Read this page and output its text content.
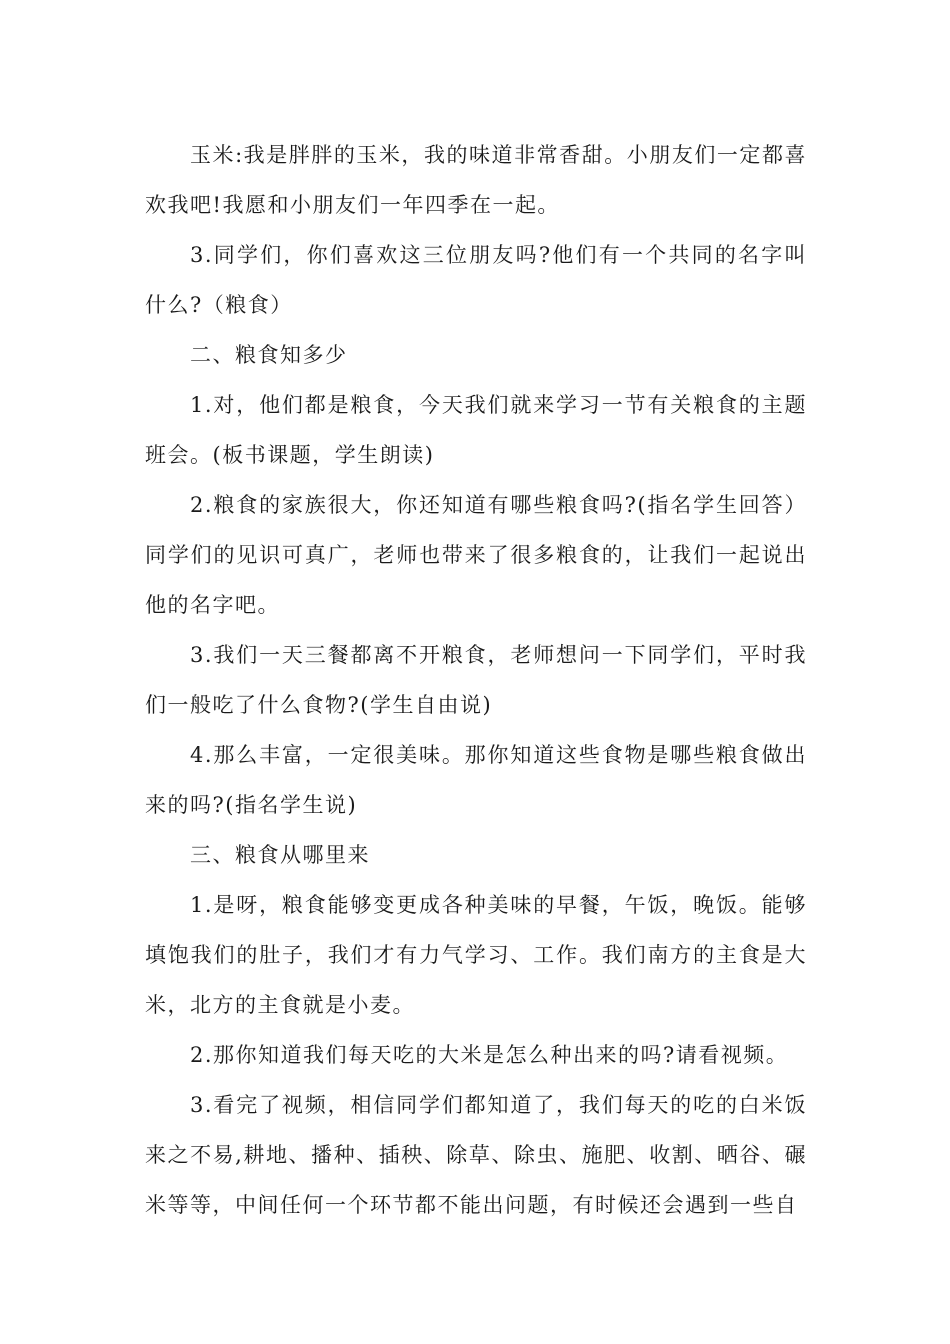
玉米:我是胖胖的玉米，我的味道非常香甜。小朋友们一定都喜欢我吧!我愿和小朋友们一年四季在一起。

3.同学们，你们喜欢这三位朋友吗?他们有一个共同的名字叫什么?（粮食）

二、粮食知多少

1.对，他们都是粮食，今天我们就来学习一节有关粮食的主题班会。(板书课题，学生朗读)

2.粮食的家族很大，你还知道有哪些粮食吗?(指名学生回答）同学们的见识可真广，老师也带来了很多粮食的，让我们一起说出他的名字吧。

3.我们一天三餐都离不开粮食，老师想问一下同学们，平时我们一般吃了什么食物?(学生自由说)

4.那么丰富，一定很美味。那你知道这些食物是哪些粮食做出来的吗?(指名学生说)

三、粮食从哪里来

1.是呀，粮食能够变更成各种美味的早餐，午饭，晚饭。能够填饱我们的肚子，我们才有力气学习、工作。我们南方的主食是大米，北方的主食就是小麦。

2.那你知道我们每天吃的大米是怎么种出来的吗?请看视频。

3.看完了视频，相信同学们都知道了，我们每天的吃的白米饭来之不易,耕地、播种、插秧、除草、除虫、施肥、收割、晒谷、碾米等等，中间任何一个环节都不能出问题，有时候还会遇到一些自
